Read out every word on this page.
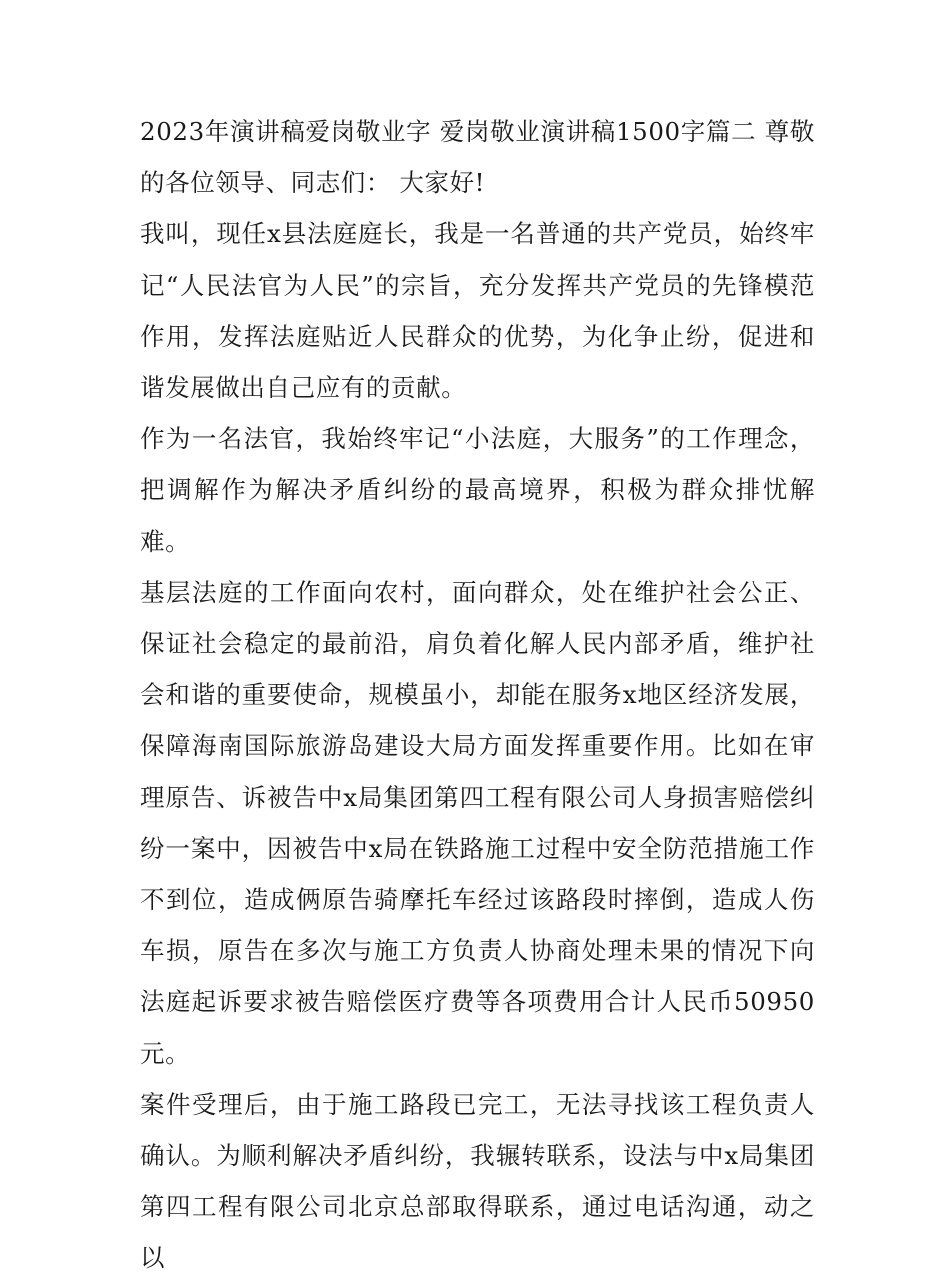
2023年演讲稿爱岗敬业字 爱岗敬业演讲稿1500字篇二 尊敬的各位领导、同志们： 大家好!

我叫，现任x县法庭庭长，我是一名普通的共产党员，始终牢记“人民法官为人民”的宗旨，充分发挥共产党员的先锋模范作用，发挥法庭贴近人民群众的优势，为化争止纷，促进和谐发展做出自己应有的贡献。

作为一名法官，我始终牢记“小法庭，大服务”的工作理念，把调解作为解决矛盾纠纷的最高境界，积极为群众排忧解难。

基层法庭的工作面向农村，面向群众，处在维护社会公正、保证社会稳定的最前沿，肩负着化解人民内部矛盾，维护社会和谐的重要使命，规模虽小，却能在服务x地区经济发展，保障海南国际旅游岛建设大局方面发挥重要作用。比如在审理原告、诉被告中x局集团第四工程有限公司人身损害赔偿纠纷一案中，因被告中x局在铁路施工过程中安全防范措施工作不到位，造成俩原告骑摩托车经过该路段时摔倒，造成人伤车损，原告在多次与施工方负责人协商处理未果的情况下向法庭起诉要求被告赔偿医疗费等各项费用合计人民币50950元。

案件受理后，由于施工路段已完工，无法寻找该工程负责人确认。为顺利解决矛盾纠纷，我辗转联系，设法与中x局集团第四工程有限公司北京总部取得联系，通过电话沟通，动之以
